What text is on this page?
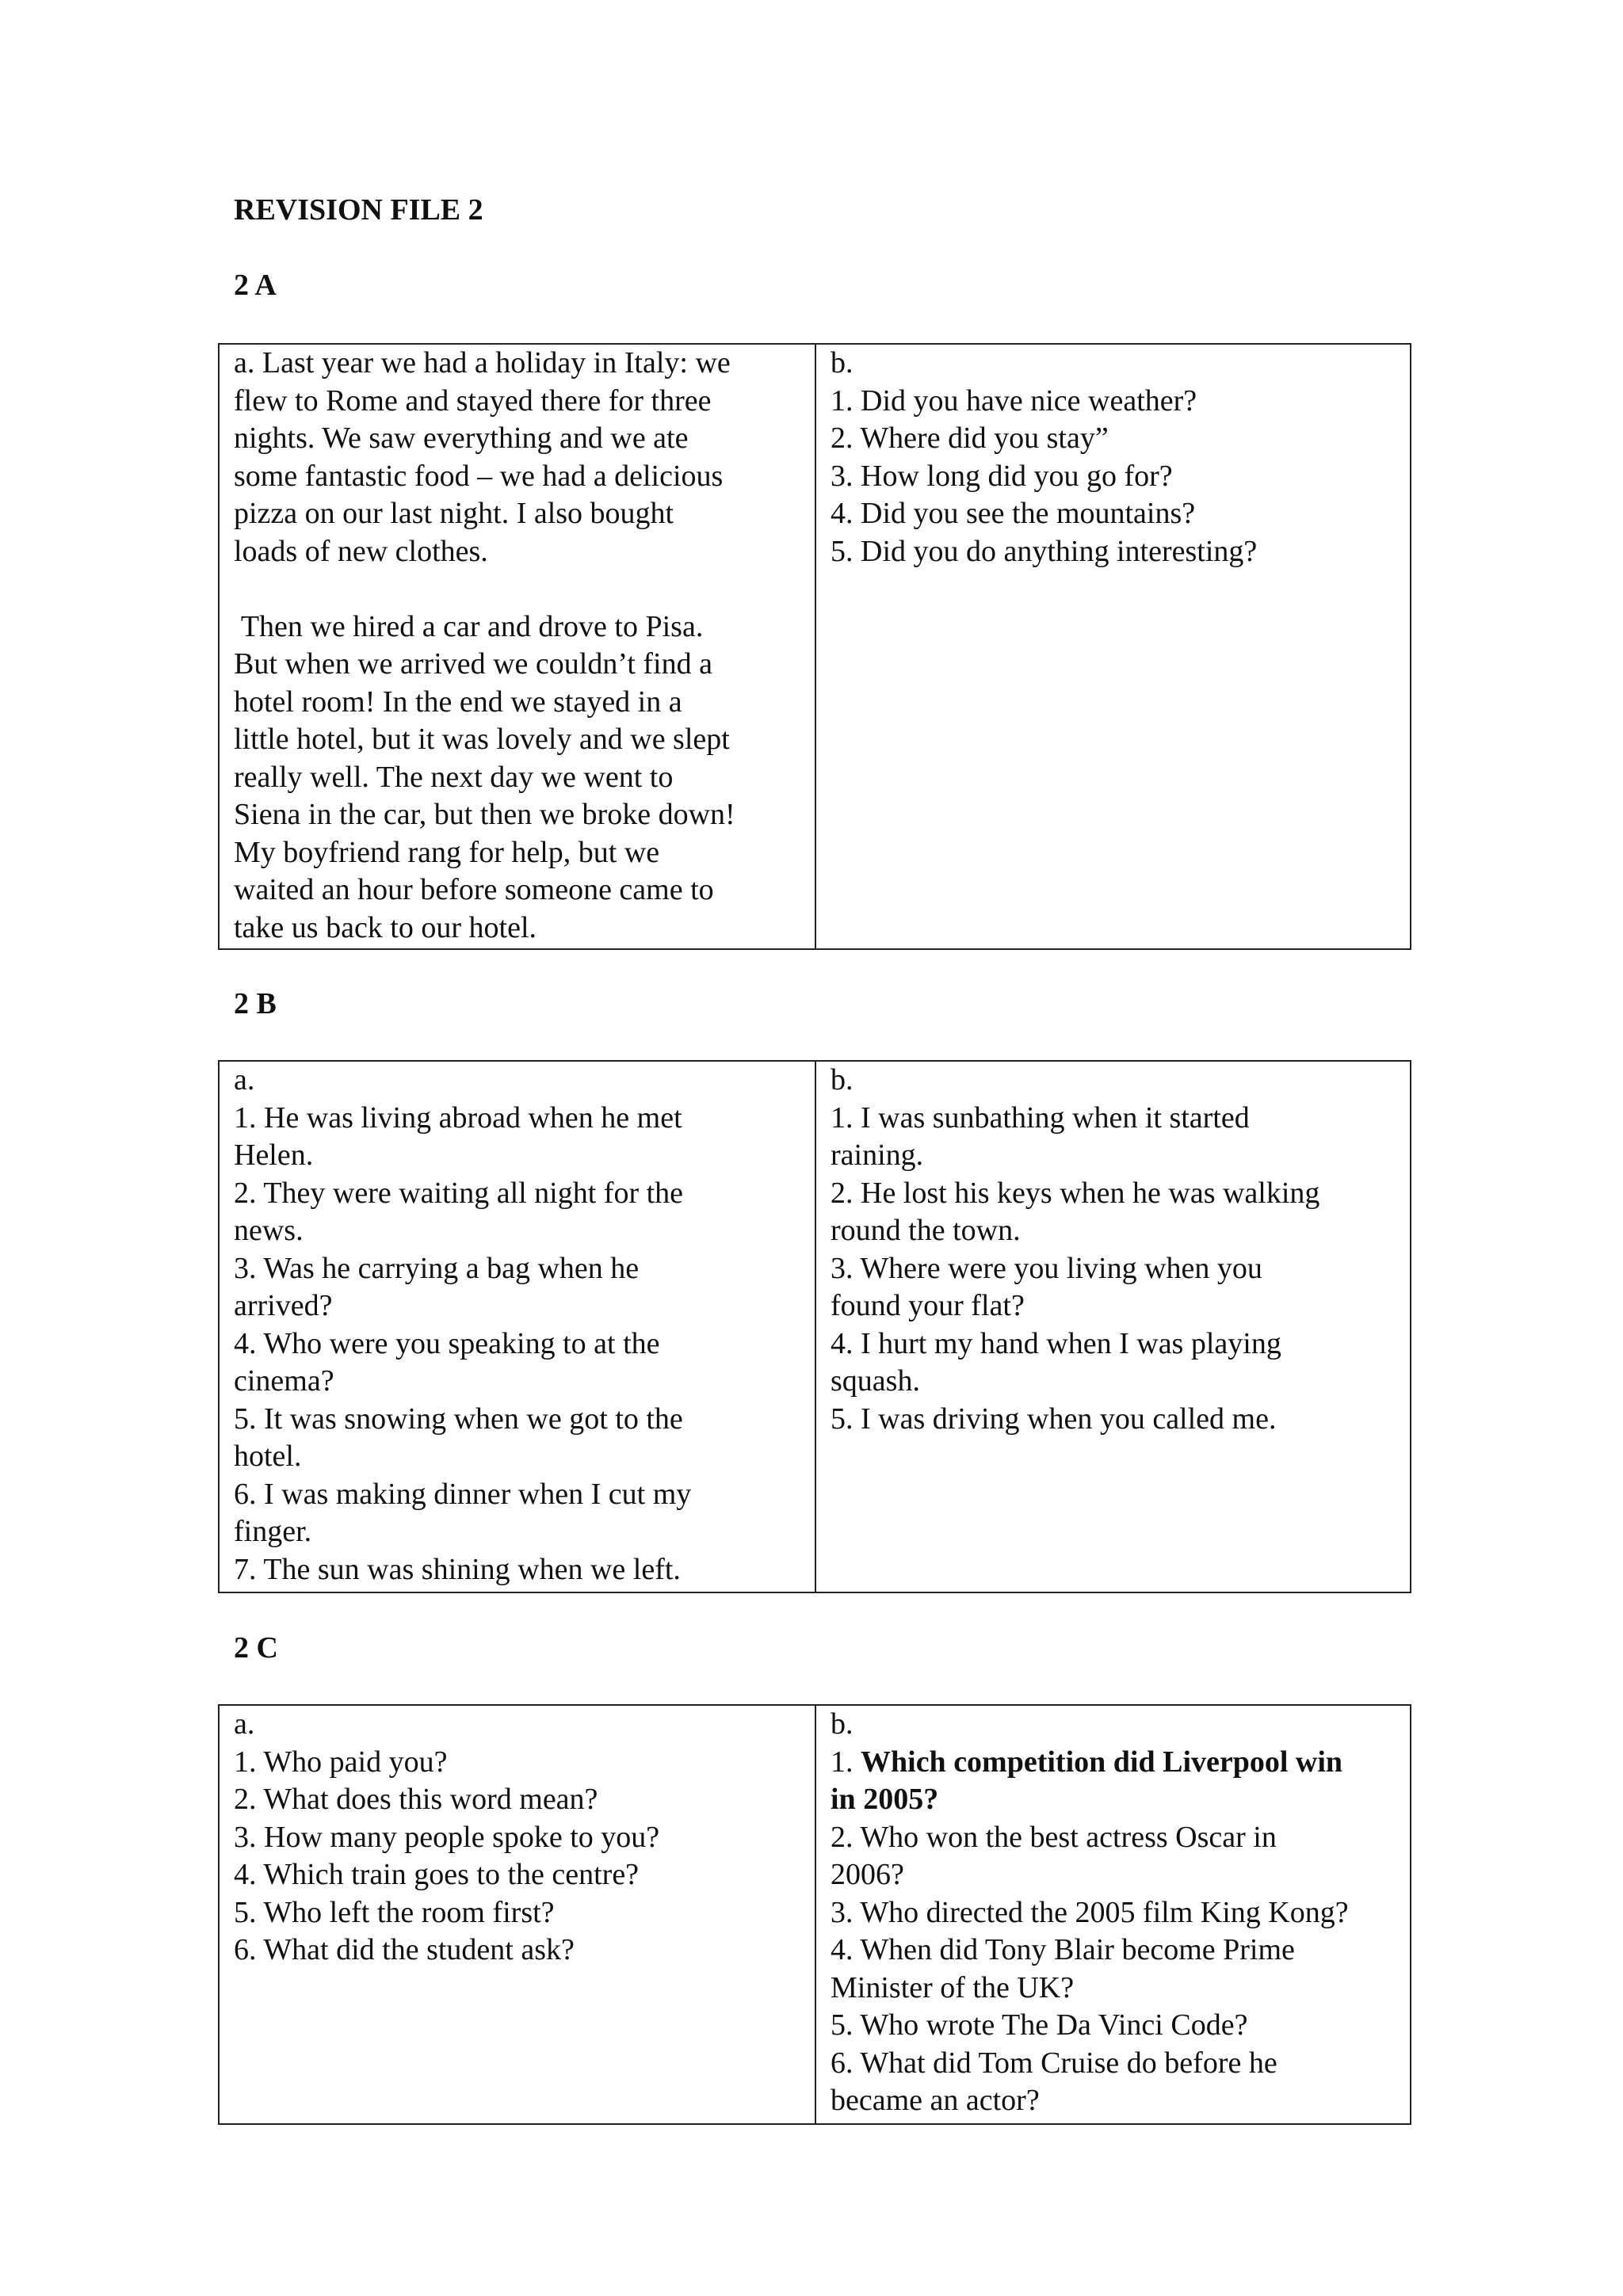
REVISION FILE 2
2 A
a. Last year we had a holiday in Italy: we
flew to Rome and stayed there for three
nights. We saw everything and we ate
some fantastic food – we had a delicious
pizza on our last night. I also bought
loads of new clothes.
Then we hired a car and drove to Pisa.
But when we arrived we couldn’t find a
hotel room! In the end we stayed in a
little hotel, but it was lovely and we slept
really well. The next day we went to
Siena in the car, but then we broke down!
My boyfriend rang for help, but we
waited an hour before someone came to
take us back to our hotel.
b.
1. Did you have nice weather?
2. Where did you stay”
3. How long did you go for?
4. Did you see the mountains?
5. Did you do anything interesting?
2 B
a.
1. He was living abroad when he met
Helen.
2. They were waiting all night for the
news.
3. Was he carrying a bag when he
arrived?
4. Who were you speaking to at the
cinema?
5. It was snowing when we got to the
hotel.
6. I was making dinner when I cut my
finger.
7. The sun was shining when we left.
b.
1. I was sunbathing when it started
raining.
2. He lost his keys when he was walking
round the town.
3. Where were you living when you
found your flat?
4. I hurt my hand when I was playing
squash.
5. I was driving when you called me.
2 C
a.
1. Who paid you?
2. What does this word mean?
3. How many people spoke to you?
4. Which train goes to the centre?
5. Who left the room first?
6. What did the student ask?
b.
1. Which competition did Liverpool win
in 2005?
2. Who won the best actress Oscar in
2006?
3. Who directed the 2005 film King Kong?
4. When did Tony Blair become Prime
Minister of the UK?
5. Who wrote The Da Vinci Code?
6. What did Tom Cruise do before he
became an actor?
